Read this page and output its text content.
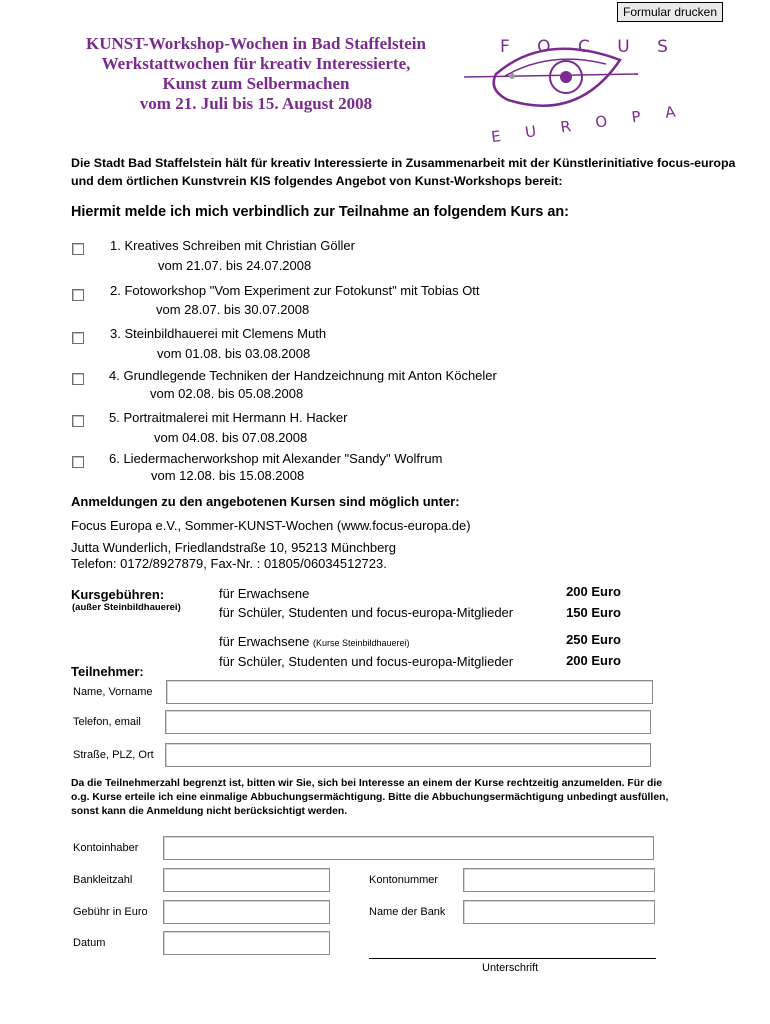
Formular drucken
KUNST-Workshop-Wochen in Bad Staffelstein
Werkstattwochen für kreativ Interessierte,
Kunst zum Selbermachen
vom 21. Juli bis 15. August 2008
F O C U S
E U R O P A
Die Stadt Bad Staffelstein hält für kreativ Interessierte in Zusammenarbeit mit der Künstlerinitiative focus-europa und dem örtlichen Kunstvrein KIS folgendes Angebot von Kunst-Workshops bereit:
Hiermit melde ich mich verbindlich zur Teilnahme an folgendem Kurs an:
1. Kreatives Schreiben mit Christian Göller
vom 21.07. bis 24.07.2008
2. Fotoworkshop "Vom Experiment zur Fotokunst" mit Tobias Ott
vom 28.07. bis 30.07.2008
3. Steinbildhauerei mit Clemens Muth
vom 01.08. bis 03.08.2008
4. Grundlegende Techniken der Handzeichnung mit Anton Köcheler
vom 02.08. bis 05.08.2008
5. Portraitmalerei mit Hermann H. Hacker
vom 04.08. bis 07.08.2008
6. Liedermacherworkshop mit Alexander "Sandy" Wolfrum
vom 12.08. bis 15.08.2008
Anmeldungen zu den angebotenen Kursen sind möglich unter:
Focus Europa e.V., Sommer-KUNST-Wochen (www.focus-europa.de)
Jutta Wunderlich, Friedlandstraße 10, 95213 Münchberg
Telefon: 0172/8927879, Fax-Nr. : 01805/06034512723.
Kursgebühren:
(außer Steinbildhauerei)
für Erwachsene	200 Euro
für Schüler, Studenten und focus-europa-Mitglieder	150 Euro
für Erwachsene (Kurse Steinbildhauerei)	250 Euro
für Schüler, Studenten und focus-europa-Mitglieder	200 Euro
Teilnehmer:
Name, Vorname
Telefon, email
Straße, PLZ, Ort
Da die Teilnehmerzahl begrenzt ist, bitten wir Sie, sich bei Interesse an einem der Kurse rechtzeitig anzumelden. Für die o.g. Kurse erteile ich eine einmalige Abbuchungsermächtigung. Bitte die Abbuchungsermächtigung unbedingt ausfüllen, sonst kann die Anmeldung nicht berücksichtigt werden.
Kontoinhaber
Bankleitzahl	Kontonummer
Gebühr in Euro	Name der Bank
Datum
Unterschrift
